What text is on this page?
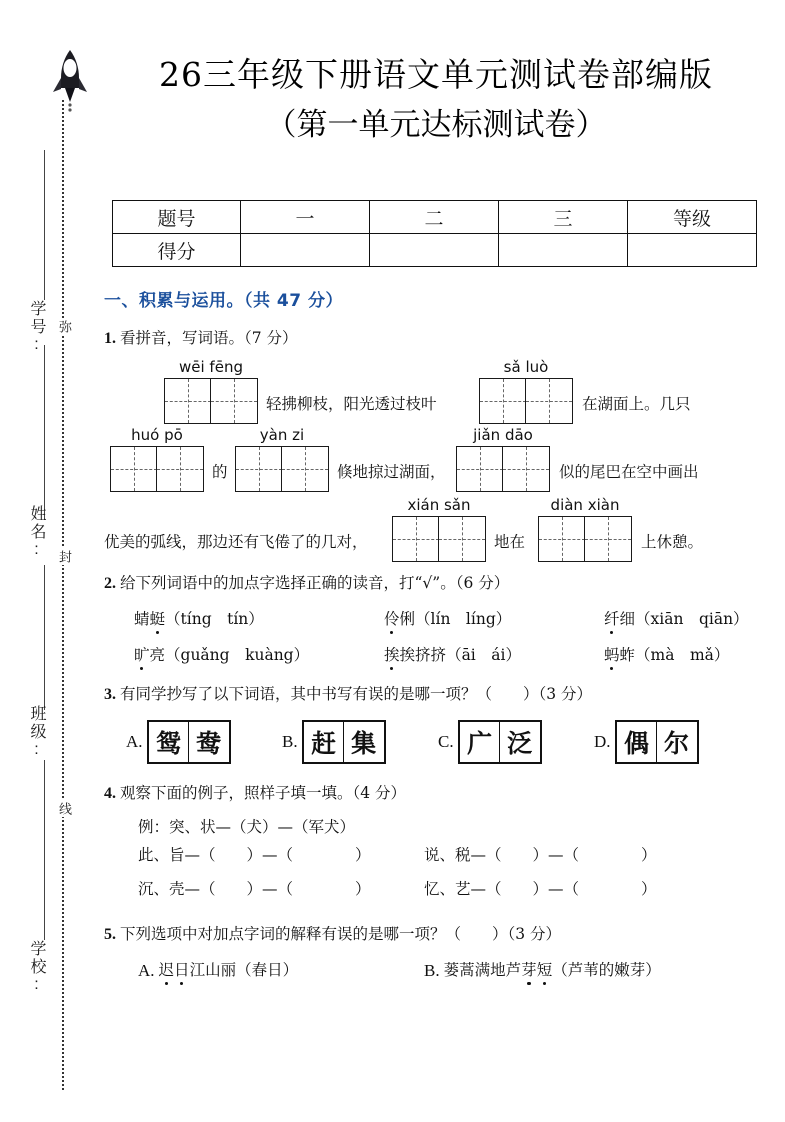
学号:
姓名:
班级:
学校:
弥
封
线
26三年级下册语文单元测试卷部编版
（第一单元达标测试卷）
题号	一	二	三	等级
得分				
一、积累与运用。（共 47 分）
1. 看拼音，写词语。（7 分）
wēi fēng
轻拂柳枝，阳光透过枝叶
sǎ luò
在湖面上。几只
huó pō
的
yàn zi
倏地掠过湖面，
jiǎn dāo
似的尾巴在空中画出
优美的弧线，那边还有飞倦了的几对，
xián sǎn
地在
diàn xiàn
上休憩。
2. 给下列词语中的加点字选择正确的读音，打“√”。（6 分）
蜻蜓（tíng　tín）	伶俐（lín　líng）	纤细（xiān　qiān）
旷亮（guǎng　kuàng）	挨挨挤挤（āi　ái）	蚂蚱（mà　mǎ）
3. 有同学抄写了以下词语，其中书写有误的是哪一项？（　　）（3 分）
A. 鸳 鸯	B. 赶 集	C. 广 泛	D. 偶 尔
4. 观察下面的例子，照样子填一填。（4 分）
例：突、状—（犬）—（军犬）
此、旨—（　　）—（　　　　）	说、税—（　　）—（　　　　）
沉、壳—（　　）—（　　　　）	忆、艺—（　　）—（　　　　）
5. 下列选项中对加点字词的解释有误的是哪一项？（　　）（3 分）
A. 迟日江山丽（春日）	B. 蒌蒿满地芦芽短（芦苇的嫩芽）
